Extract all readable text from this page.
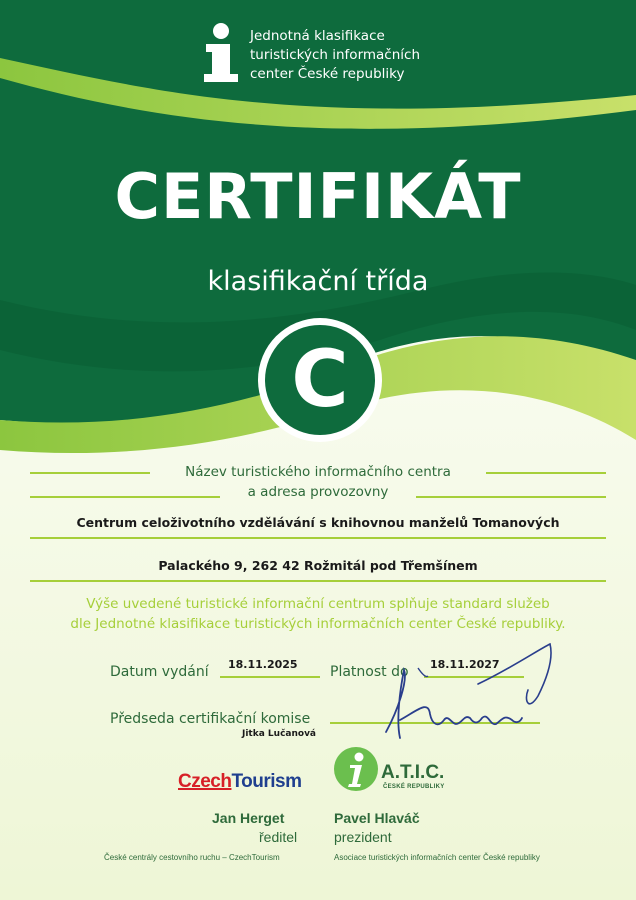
Jednotná klasifikace
turistických informačních
center České republiky
CERTIFIKÁT
klasifikační třída
C
Název turistického informačního centra
a adresa provozovny
Centrum celoživotního vzdělávání s knihovnou manželů Tomanových
Palackého 9, 262 42 Rožmitál pod Třemšínem
Výše uvedené turistické informační centrum splňuje standard služeb
dle Jednotné klasifikace turistických informačních center České republiky.
Datum vydání 18.11.2025 Platnost do 18.11.2027
Předseda certifikační komise
Jitka Lučanová
CzechTourism	A.T.I.C.
ČESKÉ REPUBLIKY
Jan Herget
ředitel
České centrály cestovního ruchu – CzechTourism
Pavel Hlaváč
prezident
Asociace turistických informačních center České republiky
